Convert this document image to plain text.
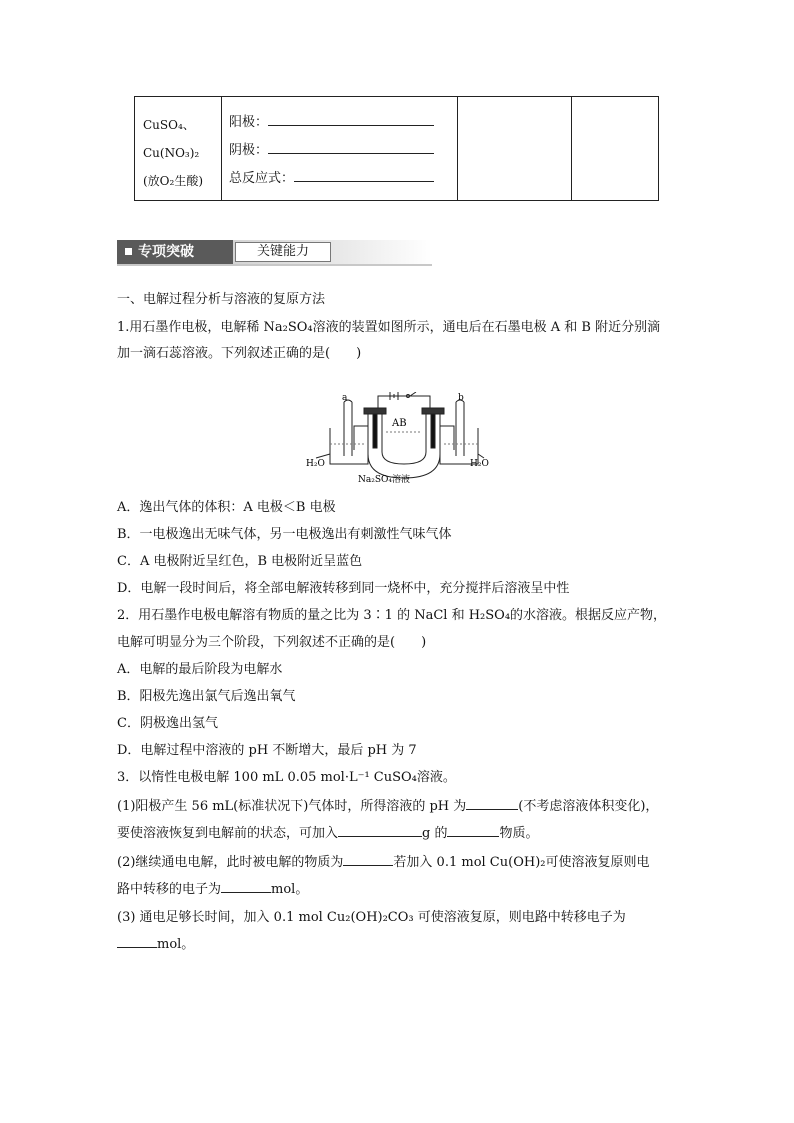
CuSO₄、
Cu(NO₃)₂
(放O₂生酸)
阳极：
阴极：
总反应式：
专项突破	关键能力
一、电解过程分析与溶液的复原方法
1.用石墨作电极，电解稀 Na₂SO₄溶液的装置如图所示，通电后在石墨电极 A 和 B 附近分别滴
加一滴石蕊溶液。下列叙述正确的是(　　)
a	b
AB
H₂O	H₂O
Na₂SO₄溶液
A．逸出气体的体积：A 电极＜B 电极
B．一电极逸出无味气体，另一电极逸出有刺激性气味气体
C．A 电极附近呈红色，B 电极附近呈蓝色
D．电解一段时间后，将全部电解液转移到同一烧杯中，充分搅拌后溶液呈中性
2．用石墨作电极电解溶有物质的量之比为 3∶1 的 NaCl 和 H₂SO₄的水溶液。根据反应产物，
电解可明显分为三个阶段，下列叙述不正确的是(　　)
A．电解的最后阶段为电解水
B．阳极先逸出氯气后逸出氧气
C．阴极逸出氢气
D．电解过程中溶液的 pH 不断增大，最后 pH 为 7
3．以惰性电极电解 100 mL 0.05 mol·L⁻¹ CuSO₄溶液。
(1)阳极产生 56 mL(标准状况下)气体时，所得溶液的 pH 为	(不考虑溶液体积变化)，
要使溶液恢复到电解前的状态，可加入	g 的	物质。
(2)继续通电电解，此时被电解的物质为	若加入 0.1 mol Cu(OH)₂可使溶液复原则电
路中转移的电子为	mol。
(3) 通电足够长时间，加入 0.1 mol Cu₂(OH)₂CO₃ 可使溶液复原，则电路中转移电子为
mol。
